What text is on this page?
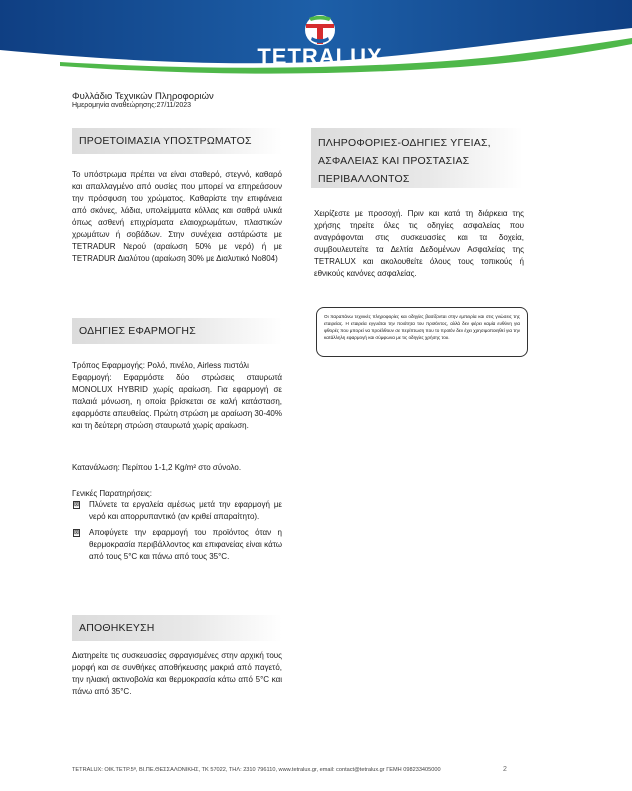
TETRALUX
Φυλλάδιο Τεχνικών Πληροφοριών
Ημερομηνία αναθεώρησης:27/11/2023
ΠΡΟΕΤΟΙΜΑΣΙΑ ΥΠΟΣΤΡΩΜΑΤΟΣ

Το υπόστρωμα πρέπει να είναι σταθερό, στεγνό, καθαρό και απαλλαγμένο από ουσίες που μπορεί να επηρεάσουν την πρόσφυση του χρώματος. Καθαρίστε την επιφάνεια από σκόνες, λάδια, υπολείμματα κόλλας και σαθρά υλικά όπως ασθενή επιχρίσματα ελαιοχρωμάτων, πλαστικών χρωμάτων ή σοβάδων. Στην συνέχεια αστάρώστε με TETRADUR Νερού (αραίωση 50% με νερό) ή με TETRADUR Διαλύτου (αραίωση 30% με Διαλυτικό Νο804)

ΟΔΗΓΙΕΣ ΕΦΑΡΜΟΓΗΣ

Τρόπος Εφαρμογής: Ρολό, πινέλο, Airless πιστόλι

Εφαρμογή: Εφαρμόστε δύο στρώσεις σταυρωτά MONOLUX HYBRID χωρίς αραίωση. Για εφαρμογή σε παλαιά μόνωση, η οποία βρίσκεται σε καλή κατάσταση, εφαρμόστε απευθείας. Πρώτη στρώση με αραίωση 30-40% και τη δεύτερη στρώση σταυρωτά χωρίς αραίωση.

Κατανάλωση: Περίπου 1-1,2 Kg/m² στο σύνολο.
Γενικές Παρατηρήσεις:
⊠ Πλύνετε τα εργαλεία αμέσως μετά την εφαρμογή με νερό και απορρυπαντικό (αν κριθεί απαραίτητο).
⊠ Αποφύγετε την εφαρμογή του προϊόντος όταν η θερμοκρασία περιβάλλοντος και επιφανείας είναι κάτω από τους 5°C και πάνω από τους 35°C.
ΑΠΟΘΗΚΕΥΣΗ

Διατηρείτε τις συσκευασίες σφραγισμένες στην αρχική τους μορφή και σε συνθήκες αποθήκευσης μακριά από παγετό, την ηλιακή ακτινοβολία και θερμοκρασία κάτω από 5°C και πάνω από 35°C.

ΠΛΗΡΟΦΟΡΙΕΣ-ΟΔΗΓΙΕΣ ΥΓΕΙΑΣ, ΑΣΦΑΛΕΙΑΣ ΚΑΙ ΠΡΟΣΤΑΣΙΑΣ ΠΕΡΙΒΑΛΛΟΝΤΟΣ

Χειρίζεστε με προσοχή. Πριν και κατά τη διάρκεια της χρήσης τηρείτε όλες τις οδηγίες ασφαλείας που αναγράφονται στις συσκευασίες και τα δοχεία, συμβουλευτείτε τα Δελτία Δεδομένων Ασφαλείας της TETRALUX και ακολουθείτε όλους τους τοπικούς ή εθνικούς κανόνες ασφαλείας.

Οι παραπάνω τεχνικές πληροφορίες και οδηγίες βασίζονται στην εμπειρία και στις γνώσεις της εταιρείας. Η εταιρεία εγγυάται την ποιότητα του προϊόντος, αλλά δεν φέρει καμία ευθύνη για φθορές που μπορεί να προέλθουν σε περίπτωση που το προϊόν δεν έχει χρησιμοποιηθεί για την κατάλληλη εφαρμογή και σύμφωνα με τις οδηγίες χρήσης του.
TETRALUX: ΟΙΚ.ΤΕΤΡ.5ª, ΒΙ.ΠΕ.ΘΕΣΣΑΛΟΝΙΚΗΣ, ΤΚ 57022, ΤΗΛ: 2310 796110, www.tetralux.gr, email: contact@tetralux.gr ΓΕΜΗ 098233405000	2
